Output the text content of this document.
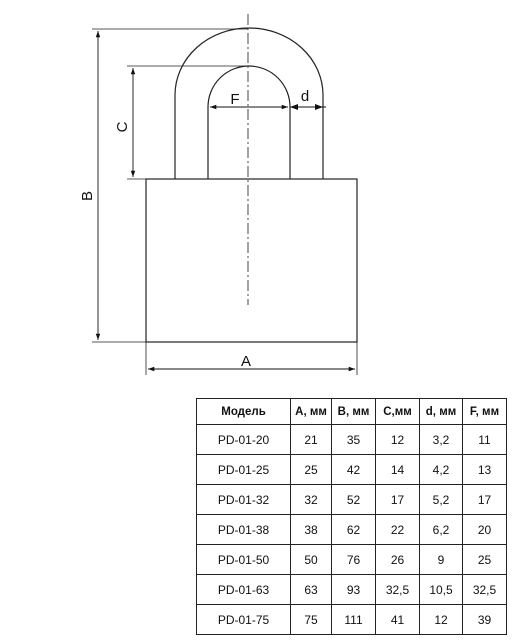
B
C
A
F	d
Модель	A, мм	B, мм	C,мм	d, мм	F, мм
PD-01-20	21	35	12	3,2	11
PD-01-25	25	42	14	4,2	13
PD-01-32	32	52	17	5,2	17
PD-01-38	38	62	22	6,2	20
PD-01-50	50	76	26	9	25
PD-01-63	63	93	32,5	10,5	32,5
PD-01-75	75	111	41	12	39
